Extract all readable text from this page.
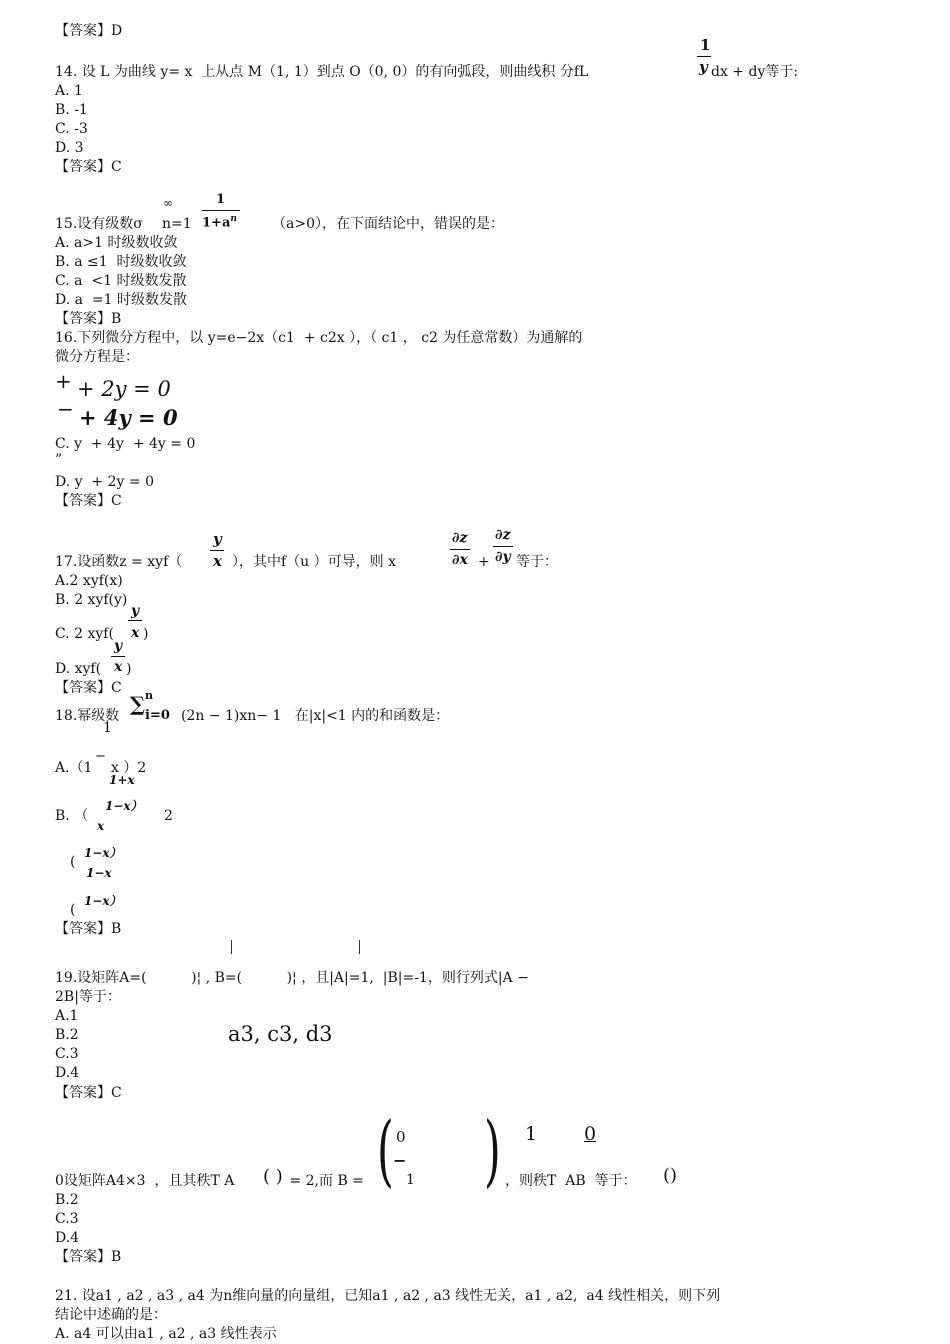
【答案】D
1
y
14. 设 L 为曲线 y= x  上从点 M（1, 1）到点 O（0, 0）的有向弧段，则曲线积 分fL	dx + dy等于:
A. 1
B. -1
C. -3
D. 3
【答案】C
∞	1
$1+a^n$
15.设有级数σ n=1	（a>0），在下面结论中，错误的是：
A. a>1 时级数收敛
B. a ≤1  时级数收敛
C. a  <1 时级数发散
D. a  =1 时级数发散
【答案】B
16.下列微分方程中，以 y=e−2x（c1  + c2x ），（ c1 ， c2 为任意常数）为通解的
微分方程是：
+ + 2y = 0
− + 4y = 0
C. y  + 4y  + 4y = 0
”
D. y  + 2y = 0
【答案】C
y
x
∂z
∂x
∂z
∂y
17.设函数z = xyf（	），其中f（u ）可导，则 x	+ 等于：
A.2 xyf(x)
B. 2 xyf(y)
y
C. 2 xyf( x )
y
D. xyf( x )
【答案】C
∑ n
18.幂级数 i=0 (2n − 1)xn− 1   在|x|<1 内的和函数是：
1
−
A.（1 x ）2
1+x
1−x）
B. （	2
x
1−x）
(
1−x
1−x）
(
【答案】B
19.设矩阵A=(          )¦ , B=(          )¦ ，且|A|=1,  |B|=-1，则行列式|A −
2B|等于：
A.1
B.2	a3, c3, d3
C.3
D.4
【答案】C
( )
0
−
1
1 0
0设矩阵A4×3  ，且其秩T A ( ) = 2,而 B =	，则秩T  AB  等于： ()
B.2
C.3
D.4
【答案】B
21. 设a1 , a2 , a3 , a4 为n维向量的向量组，已知a1 , a2 , a3 线性无关，a1 , a2,  a4 线性相关，则下列
结论中述确的是：
A. a4 可以由a1 , a2 , a3 线性表示
